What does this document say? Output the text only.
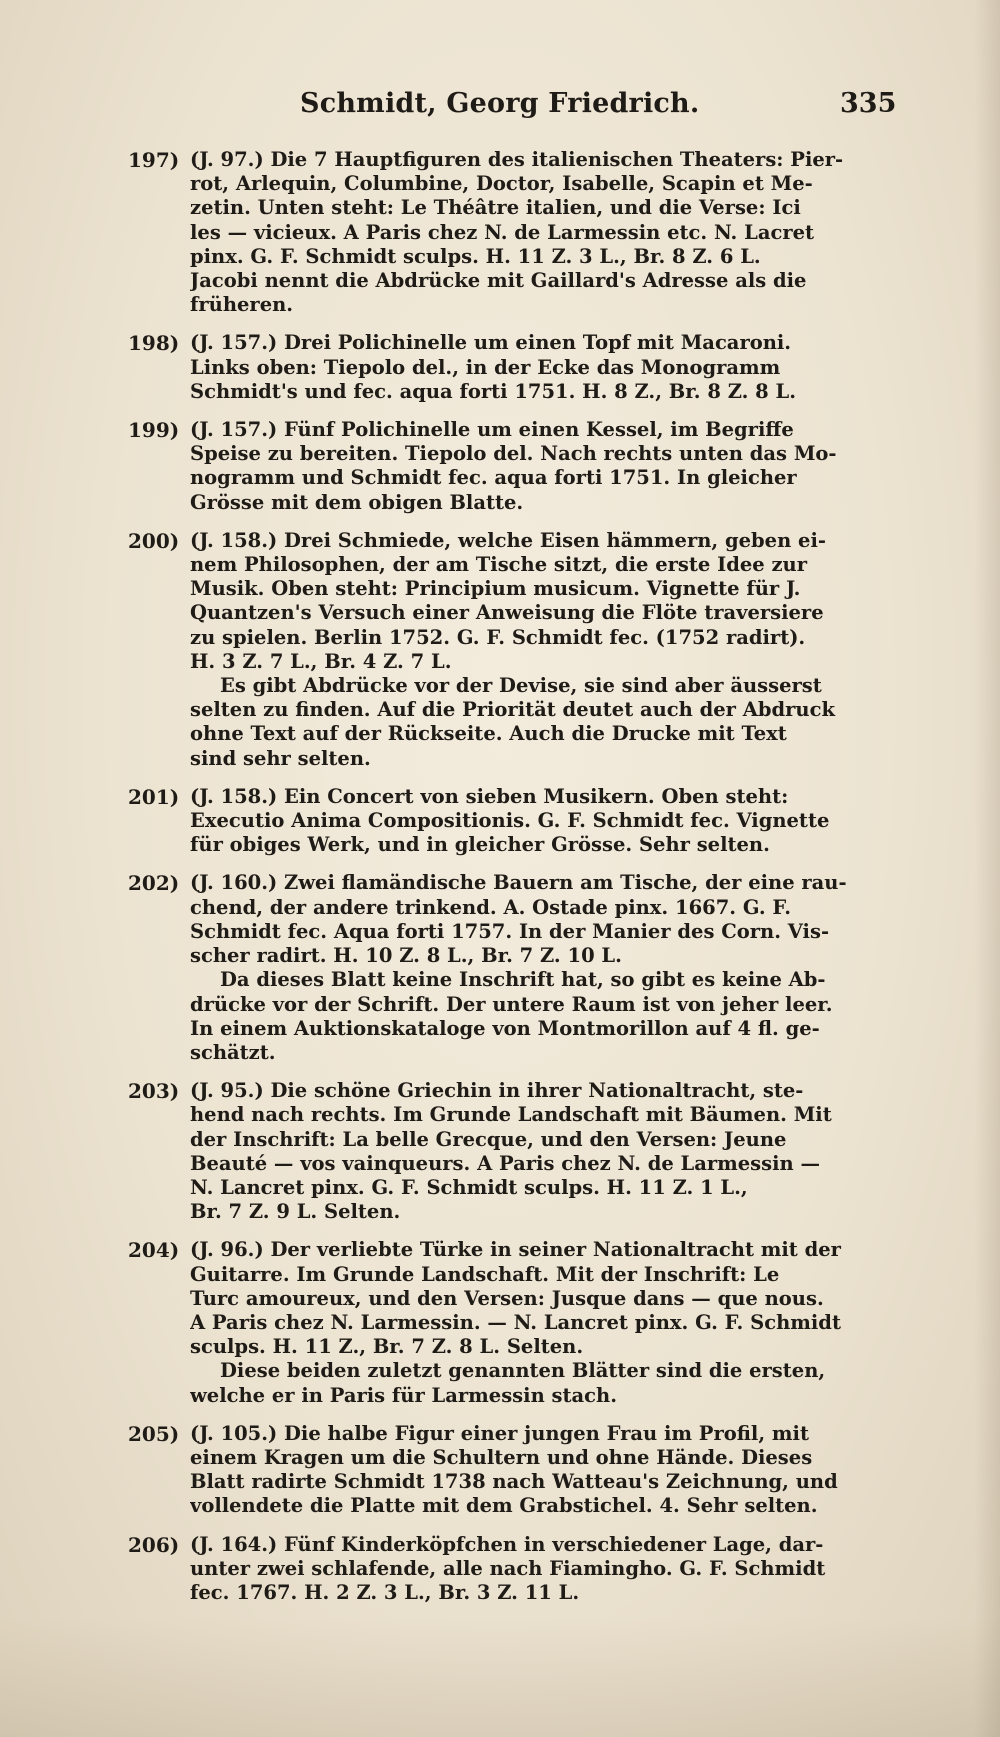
Schmidt, Georg Friedrich.	335
197) (J. 97.) Die 7 Hauptfiguren des italienischen Theaters: Pier-
rot, Arlequin, Columbine, Doctor, Isabelle, Scapin et Me-
zetin. Unten steht: Le Théâtre italien, und die Verse: Ici
les — vicieux. A Paris chez N. de Larmessin etc. N. Lacret
pinx. G. F. Schmidt sculps. H. 11 Z. 3 L., Br. 8 Z. 6 L.
Jacobi nennt die Abdrücke mit Gaillard's Adresse als die
früheren.
198) (J. 157.) Drei Polichinelle um einen Topf mit Macaroni.
Links oben: Tiepolo del., in der Ecke das Monogramm
Schmidt's und fec. aqua forti 1751. H. 8 Z., Br. 8 Z. 8 L.
199) (J. 157.) Fünf Polichinelle um einen Kessel, im Begriffe
Speise zu bereiten. Tiepolo del. Nach rechts unten das Mo-
nogramm und Schmidt fec. aqua forti 1751. In gleicher
Grösse mit dem obigen Blatte.
200) (J. 158.) Drei Schmiede, welche Eisen hämmern, geben ei-
nem Philosophen, der am Tische sitzt, die erste Idee zur
Musik. Oben steht: Principium musicum. Vignette für J.
Quantzen's Versuch einer Anweisung die Flöte traversiere
zu spielen. Berlin 1752. G. F. Schmidt fec. (1752 radirt).
H. 3 Z. 7 L., Br. 4 Z. 7 L.
Es gibt Abdrücke vor der Devise, sie sind aber äusserst
selten zu finden. Auf die Priorität deutet auch der Abdruck
ohne Text auf der Rückseite. Auch die Drucke mit Text
sind sehr selten.
201) (J. 158.) Ein Concert von sieben Musikern. Oben steht:
Executio Anima Compositionis. G. F. Schmidt fec. Vignette
für obiges Werk, und in gleicher Grösse. Sehr selten.
202) (J. 160.) Zwei flamändische Bauern am Tische, der eine rau-
chend, der andere trinkend. A. Ostade pinx. 1667. G. F.
Schmidt fec. Aqua forti 1757. In der Manier des Corn. Vis-
scher radirt. H. 10 Z. 8 L., Br. 7 Z. 10 L.
Da dieses Blatt keine Inschrift hat, so gibt es keine Ab-
drücke vor der Schrift. Der untere Raum ist von jeher leer.
In einem Auktionskataloge von Montmorillon auf 4 fl. ge-
schätzt.
203) (J. 95.) Die schöne Griechin in ihrer Nationaltracht, ste-
hend nach rechts. Im Grunde Landschaft mit Bäumen. Mit
der Inschrift: La belle Grecque, und den Versen: Jeune
Beauté — vos vainqueurs. A Paris chez N. de Larmessin —
N. Lancret pinx. G. F. Schmidt sculps. H. 11 Z. 1 L.,
Br. 7 Z. 9 L. Selten.
204) (J. 96.) Der verliebte Türke in seiner Nationaltracht mit der
Guitarre. Im Grunde Landschaft. Mit der Inschrift: Le
Turc amoureux, und den Versen: Jusque dans — que nous.
A Paris chez N. Larmessin. — N. Lancret pinx. G. F. Schmidt
sculps. H. 11 Z., Br. 7 Z. 8 L. Selten.
Diese beiden zuletzt genannten Blätter sind die ersten,
welche er in Paris für Larmessin stach.
205) (J. 105.) Die halbe Figur einer jungen Frau im Profil, mit
einem Kragen um die Schultern und ohne Hände. Dieses
Blatt radirte Schmidt 1738 nach Watteau's Zeichnung, und
vollendete die Platte mit dem Grabstichel. 4. Sehr selten.
206) (J. 164.) Fünf Kinderköpfchen in verschiedener Lage, dar-
unter zwei schlafende, alle nach Fiamingho. G. F. Schmidt
fec. 1767. H. 2 Z. 3 L., Br. 3 Z. 11 L.
